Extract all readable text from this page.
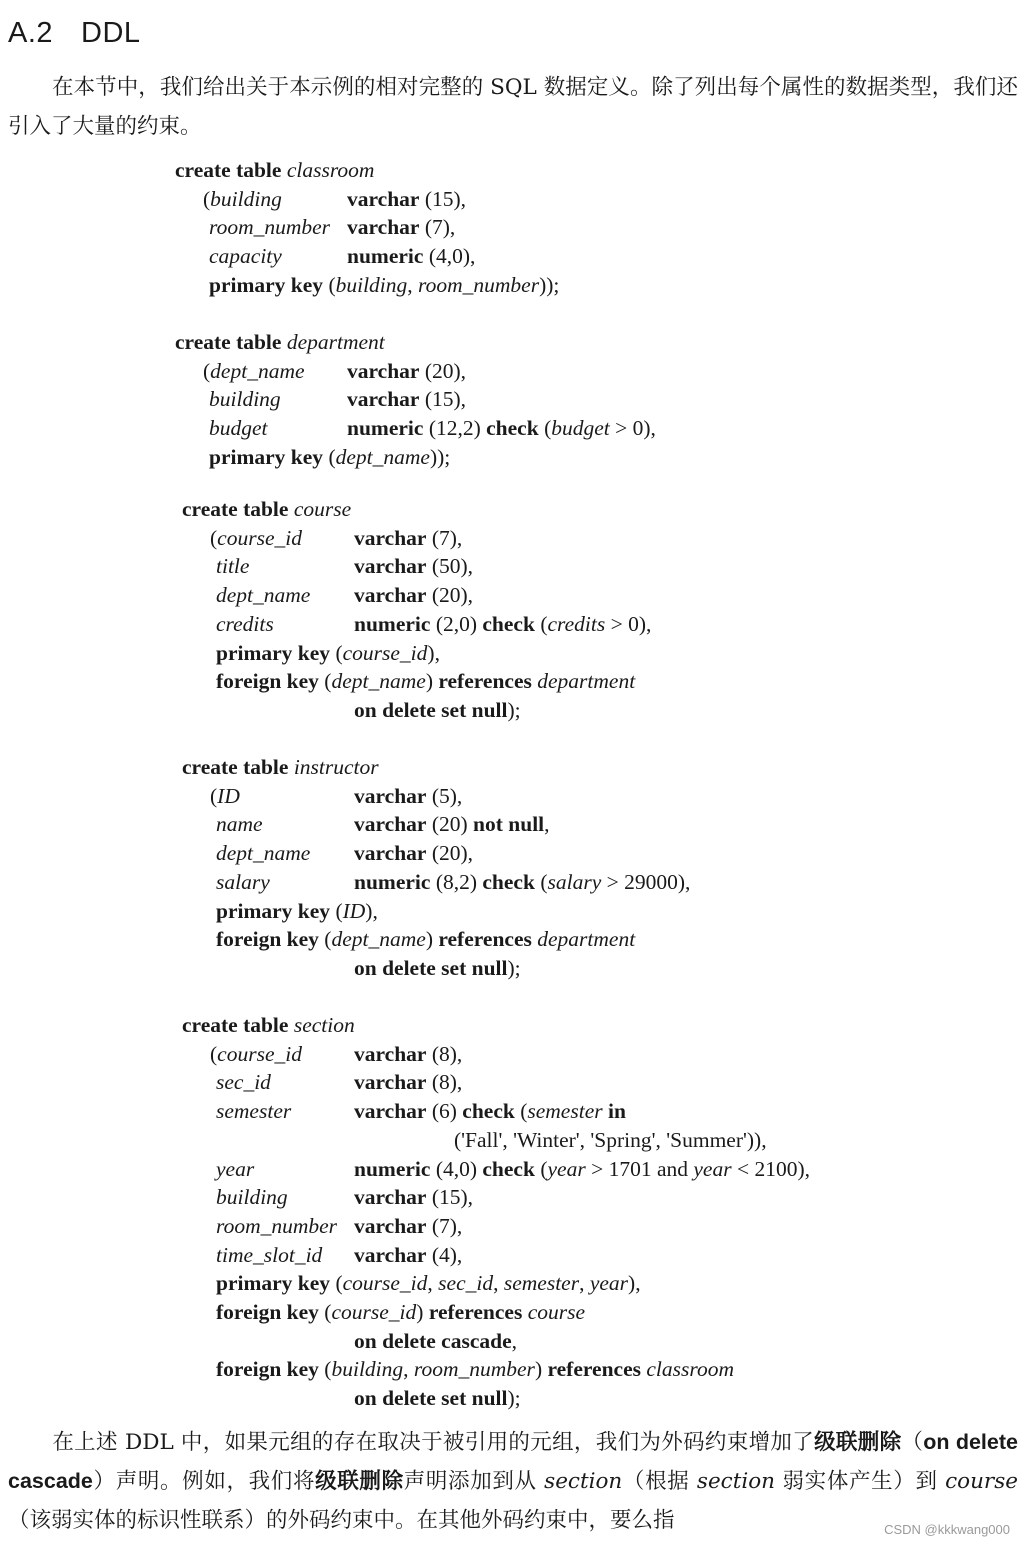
A.2 DDL

在本节中，我们给出关于本示例的相对完整的 SQL 数据定义。除了列出每个属性的数据类型，我们还引入了大量的约束。

create table classroom
(building	varchar (15),
room_number varchar (7),
capacity	numeric (4,0),
primary key (building, room_number));
create table department
(dept_name varchar (20),
building	varchar (15),
budget	numeric (12,2) check (budget > 0),
primary key (dept_name));
create table course
(course_id varchar (7),
title	varchar (50),
dept_name varchar (20),
credits	numeric (2,0) check (credits > 0),
primary key (course_id),
foreign key (dept_name) references department
on delete set null);
create table instructor
(ID	varchar (5),
name	varchar (20) not null,
dept_name varchar (20),
salary	numeric (8,2) check (salary > 29000),
primary key (ID),
foreign key (dept_name) references department
on delete set null);
create table section
(course_id varchar (8),
sec_id	varchar (8),
semester	varchar (6) check (semester in
('Fall', 'Winter', 'Spring', 'Summer')),
year	numeric (4,0) check (year > 1701 and year < 2100),
building	varchar (15),
room_number varchar (7),
time_slot_id varchar (4),
primary key (course_id, sec_id, semester, year),
foreign key (course_id) references course
on delete cascade,
foreign key (building, room_number) references classroom
on delete set null);

在上述 DDL 中，如果元组的存在取决于被引用的元组，我们为外码约束增加了级联删除（on delete cascade）声明。例如，我们将级联删除声明添加到从 section（根据 section 弱实体产生）到 course（该弱实体的标识性联系）的外码约束中。在其他外码约束中，要么指	CSDN @kkkwang000
